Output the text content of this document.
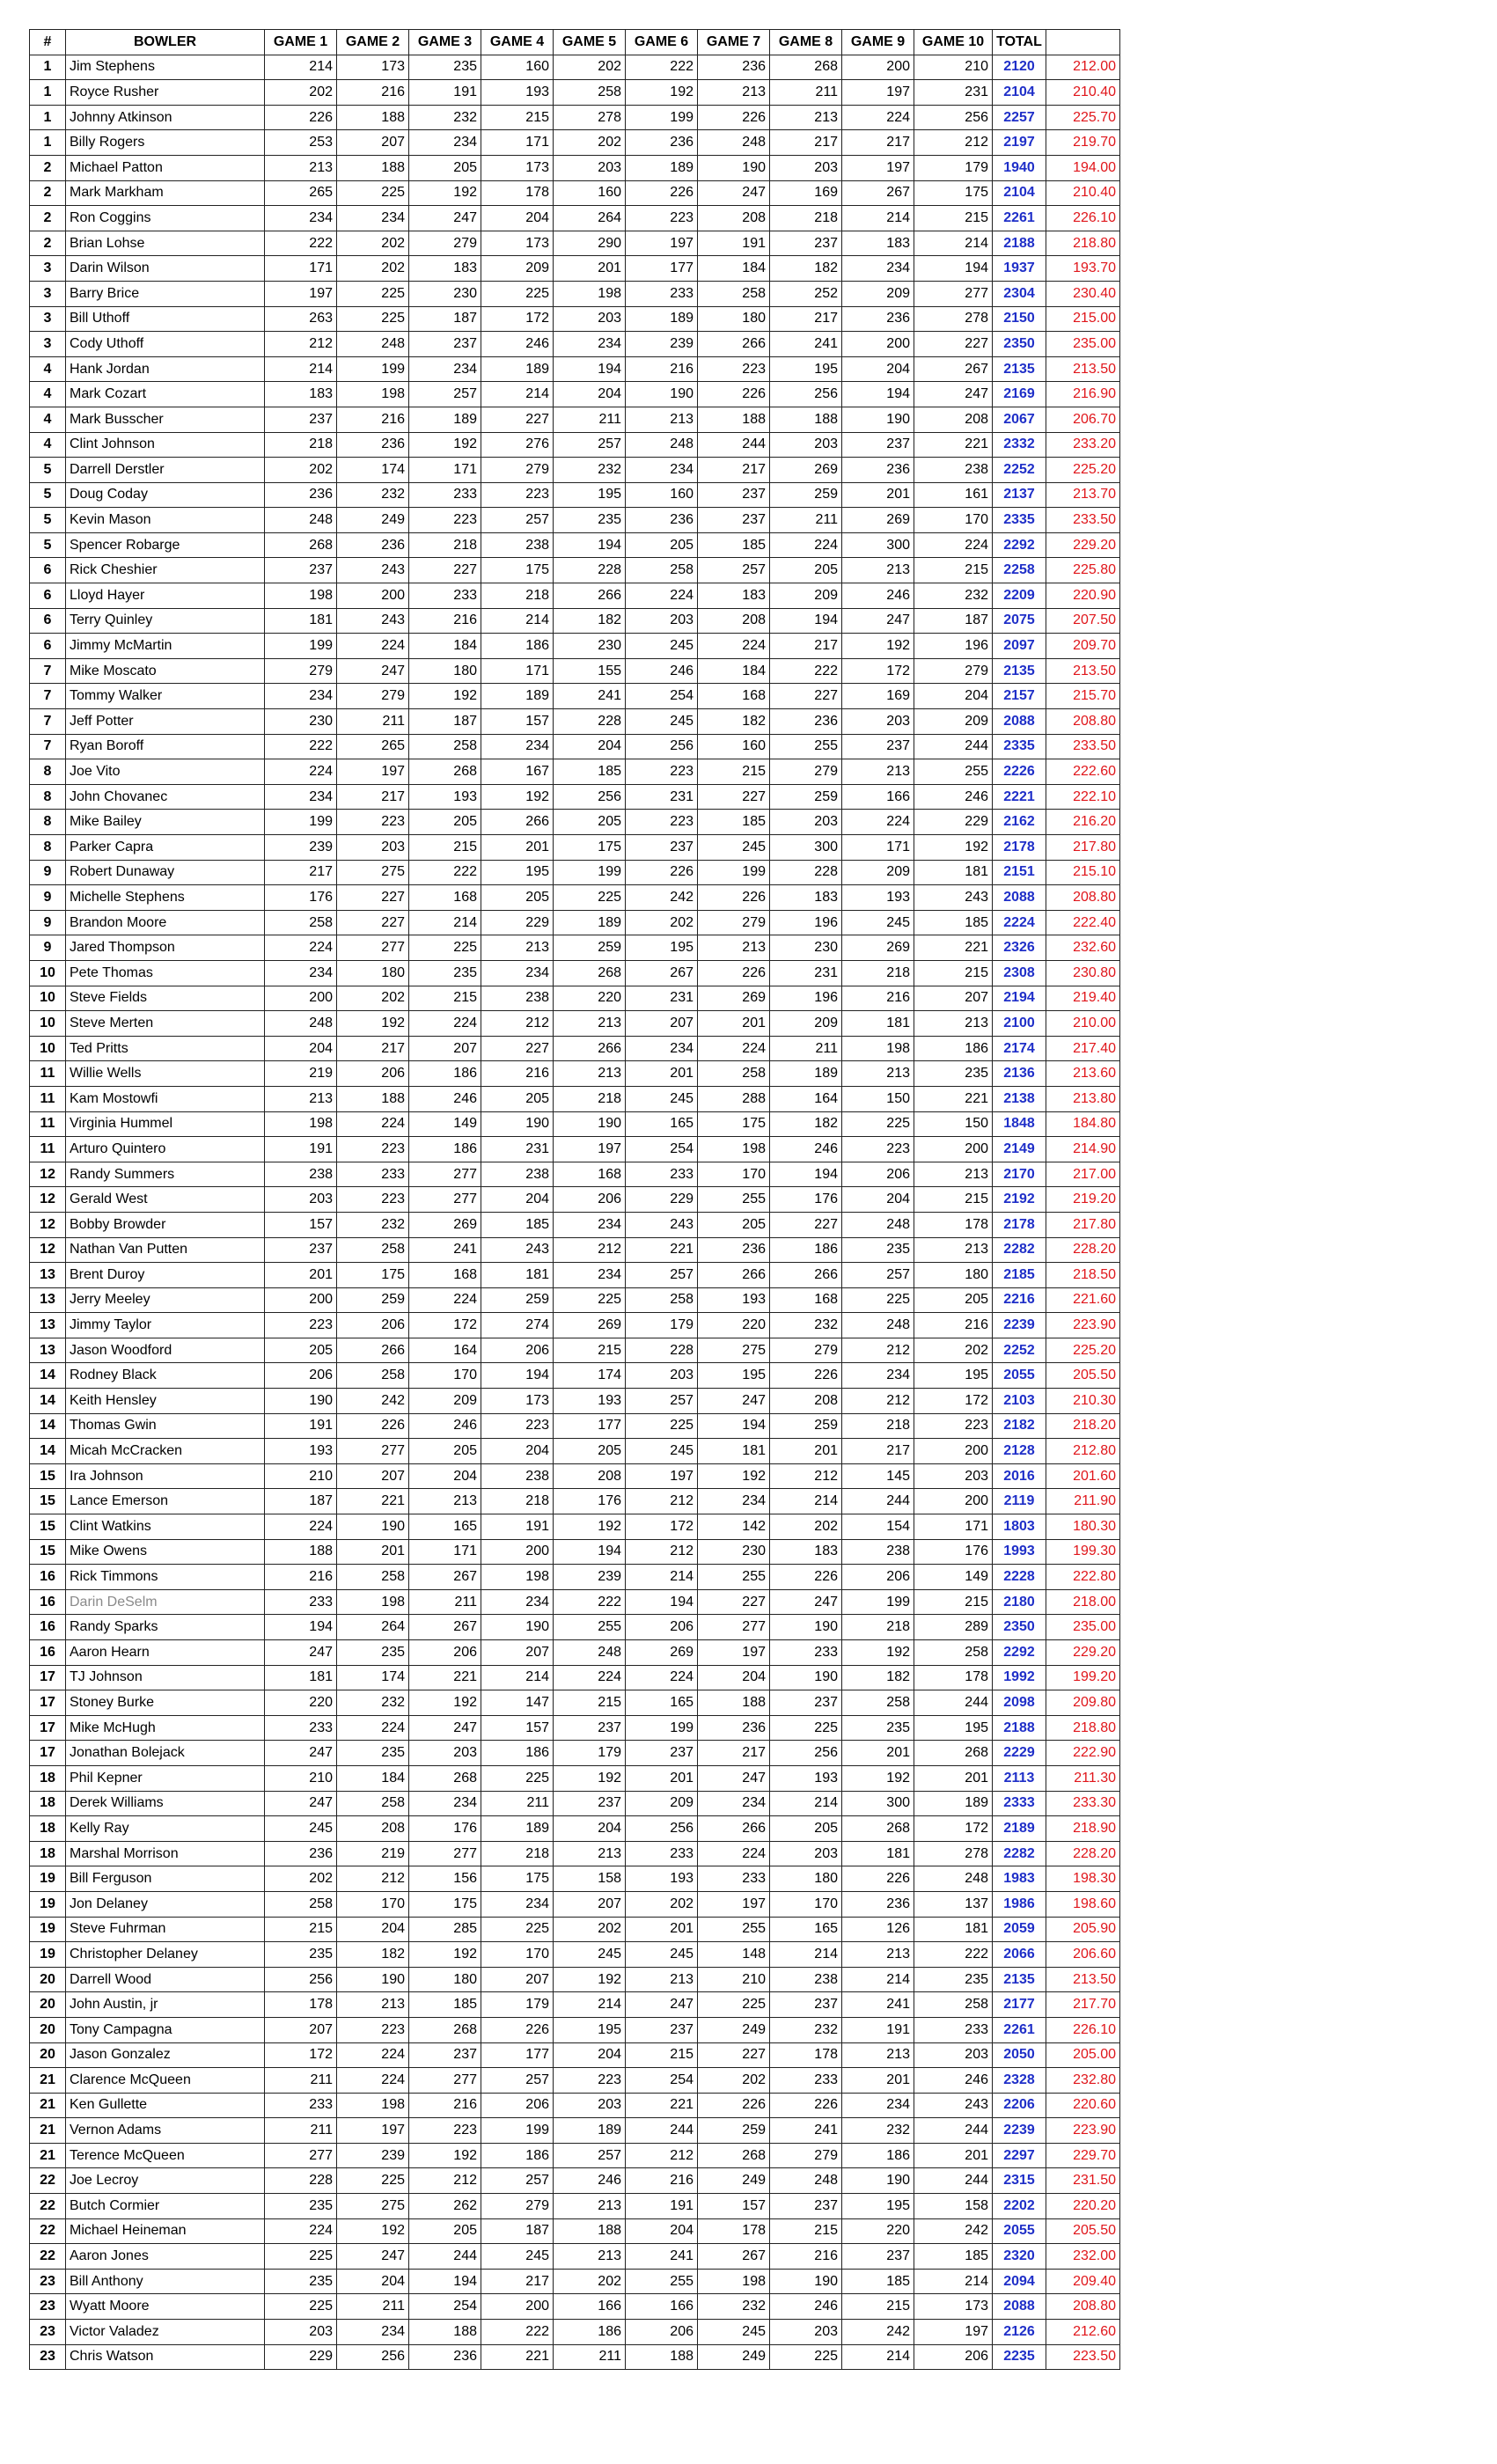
#	BOWLER	GAME 1	GAME 2	GAME 3	GAME 4	GAME 5	GAME 6	GAME 7	GAME 8	GAME 9	GAME 10	TOTAL	
1	Jim Stephens	214	173	235	160	202	222	236	268	200	210	2120	212.00
1	Royce Rusher	202	216	191	193	258	192	213	211	197	231	2104	210.40
1	Johnny Atkinson	226	188	232	215	278	199	226	213	224	256	2257	225.70
1	Billy Rogers	253	207	234	171	202	236	248	217	217	212	2197	219.70
2	Michael Patton	213	188	205	173	203	189	190	203	197	179	1940	194.00
2	Mark Markham	265	225	192	178	160	226	247	169	267	175	2104	210.40
2	Ron Coggins	234	234	247	204	264	223	208	218	214	215	2261	226.10
2	Brian Lohse	222	202	279	173	290	197	191	237	183	214	2188	218.80
3	Darin Wilson	171	202	183	209	201	177	184	182	234	194	1937	193.70
3	Barry Brice	197	225	230	225	198	233	258	252	209	277	2304	230.40
3	Bill Uthoff	263	225	187	172	203	189	180	217	236	278	2150	215.00
3	Cody Uthoff	212	248	237	246	234	239	266	241	200	227	2350	235.00
4	Hank Jordan	214	199	234	189	194	216	223	195	204	267	2135	213.50
4	Mark Cozart	183	198	257	214	204	190	226	256	194	247	2169	216.90
4	Mark Busscher	237	216	189	227	211	213	188	188	190	208	2067	206.70
4	Clint Johnson	218	236	192	276	257	248	244	203	237	221	2332	233.20
5	Darrell Derstler	202	174	171	279	232	234	217	269	236	238	2252	225.20
5	Doug Coday	236	232	233	223	195	160	237	259	201	161	2137	213.70
5	Kevin Mason	248	249	223	257	235	236	237	211	269	170	2335	233.50
5	Spencer Robarge	268	236	218	238	194	205	185	224	300	224	2292	229.20
6	Rick Cheshier	237	243	227	175	228	258	257	205	213	215	2258	225.80
6	Lloyd Hayer	198	200	233	218	266	224	183	209	246	232	2209	220.90
6	Terry Quinley	181	243	216	214	182	203	208	194	247	187	2075	207.50
6	Jimmy McMartin	199	224	184	186	230	245	224	217	192	196	2097	209.70
7	Mike Moscato	279	247	180	171	155	246	184	222	172	279	2135	213.50
7	Tommy Walker	234	279	192	189	241	254	168	227	169	204	2157	215.70
7	Jeff Potter	230	211	187	157	228	245	182	236	203	209	2088	208.80
7	Ryan Boroff	222	265	258	234	204	256	160	255	237	244	2335	233.50
8	Joe Vito	224	197	268	167	185	223	215	279	213	255	2226	222.60
8	John Chovanec	234	217	193	192	256	231	227	259	166	246	2221	222.10
8	Mike Bailey	199	223	205	266	205	223	185	203	224	229	2162	216.20
8	Parker Capra	239	203	215	201	175	237	245	300	171	192	2178	217.80
9	Robert Dunaway	217	275	222	195	199	226	199	228	209	181	2151	215.10
9	Michelle Stephens	176	227	168	205	225	242	226	183	193	243	2088	208.80
9	Brandon Moore	258	227	214	229	189	202	279	196	245	185	2224	222.40
9	Jared Thompson	224	277	225	213	259	195	213	230	269	221	2326	232.60
10	Pete Thomas	234	180	235	234	268	267	226	231	218	215	2308	230.80
10	Steve Fields	200	202	215	238	220	231	269	196	216	207	2194	219.40
10	Steve Merten	248	192	224	212	213	207	201	209	181	213	2100	210.00
10	Ted Pritts	204	217	207	227	266	234	224	211	198	186	2174	217.40
11	Willie Wells	219	206	186	216	213	201	258	189	213	235	2136	213.60
11	Kam Mostowfi	213	188	246	205	218	245	288	164	150	221	2138	213.80
11	Virginia Hummel	198	224	149	190	190	165	175	182	225	150	1848	184.80
11	Arturo Quintero	191	223	186	231	197	254	198	246	223	200	2149	214.90
12	Randy Summers	238	233	277	238	168	233	170	194	206	213	2170	217.00
12	Gerald West	203	223	277	204	206	229	255	176	204	215	2192	219.20
12	Bobby Browder	157	232	269	185	234	243	205	227	248	178	2178	217.80
12	Nathan Van Putten	237	258	241	243	212	221	236	186	235	213	2282	228.20
13	Brent Duroy	201	175	168	181	234	257	266	266	257	180	2185	218.50
13	Jerry Meeley	200	259	224	259	225	258	193	168	225	205	2216	221.60
13	Jimmy Taylor	223	206	172	274	269	179	220	232	248	216	2239	223.90
13	Jason Woodford	205	266	164	206	215	228	275	279	212	202	2252	225.20
14	Rodney Black	206	258	170	194	174	203	195	226	234	195	2055	205.50
14	Keith Hensley	190	242	209	173	193	257	247	208	212	172	2103	210.30
14	Thomas Gwin	191	226	246	223	177	225	194	259	218	223	2182	218.20
14	Micah McCracken	193	277	205	204	205	245	181	201	217	200	2128	212.80
15	Ira Johnson	210	207	204	238	208	197	192	212	145	203	2016	201.60
15	Lance Emerson	187	221	213	218	176	212	234	214	244	200	2119	211.90
15	Clint Watkins	224	190	165	191	192	172	142	202	154	171	1803	180.30
15	Mike Owens	188	201	171	200	194	212	230	183	238	176	1993	199.30
16	Rick Timmons	216	258	267	198	239	214	255	226	206	149	2228	222.80
16	Darin DeSelm	233	198	211	234	222	194	227	247	199	215	2180	218.00
16	Randy Sparks	194	264	267	190	255	206	277	190	218	289	2350	235.00
16	Aaron Hearn	247	235	206	207	248	269	197	233	192	258	2292	229.20
17	TJ Johnson	181	174	221	214	224	224	204	190	182	178	1992	199.20
17	Stoney Burke	220	232	192	147	215	165	188	237	258	244	2098	209.80
17	Mike McHugh	233	224	247	157	237	199	236	225	235	195	2188	218.80
17	Jonathan Bolejack	247	235	203	186	179	237	217	256	201	268	2229	222.90
18	Phil Kepner	210	184	268	225	192	201	247	193	192	201	2113	211.30
18	Derek Williams	247	258	234	211	237	209	234	214	300	189	2333	233.30
18	Kelly Ray	245	208	176	189	204	256	266	205	268	172	2189	218.90
18	Marshal Morrison	236	219	277	218	213	233	224	203	181	278	2282	228.20
19	Bill Ferguson	202	212	156	175	158	193	233	180	226	248	1983	198.30
19	Jon Delaney	258	170	175	234	207	202	197	170	236	137	1986	198.60
19	Steve Fuhrman	215	204	285	225	202	201	255	165	126	181	2059	205.90
19	Christopher Delaney	235	182	192	170	245	245	148	214	213	222	2066	206.60
20	Darrell Wood	256	190	180	207	192	213	210	238	214	235	2135	213.50
20	John Austin, jr	178	213	185	179	214	247	225	237	241	258	2177	217.70
20	Tony Campagna	207	223	268	226	195	237	249	232	191	233	2261	226.10
20	Jason Gonzalez	172	224	237	177	204	215	227	178	213	203	2050	205.00
21	Clarence McQueen	211	224	277	257	223	254	202	233	201	246	2328	232.80
21	Ken Gullette	233	198	216	206	203	221	226	226	234	243	2206	220.60
21	Vernon Adams	211	197	223	199	189	244	259	241	232	244	2239	223.90
21	Terence McQueen	277	239	192	186	257	212	268	279	186	201	2297	229.70
22	Joe Lecroy	228	225	212	257	246	216	249	248	190	244	2315	231.50
22	Butch Cormier	235	275	262	279	213	191	157	237	195	158	2202	220.20
22	Michael Heineman	224	192	205	187	188	204	178	215	220	242	2055	205.50
22	Aaron Jones	225	247	244	245	213	241	267	216	237	185	2320	232.00
23	Bill Anthony	235	204	194	217	202	255	198	190	185	214	2094	209.40
23	Wyatt Moore	225	211	254	200	166	166	232	246	215	173	2088	208.80
23	Victor Valadez	203	234	188	222	186	206	245	203	242	197	2126	212.60
23	Chris Watson	229	256	236	221	211	188	249	225	214	206	2235	223.50
